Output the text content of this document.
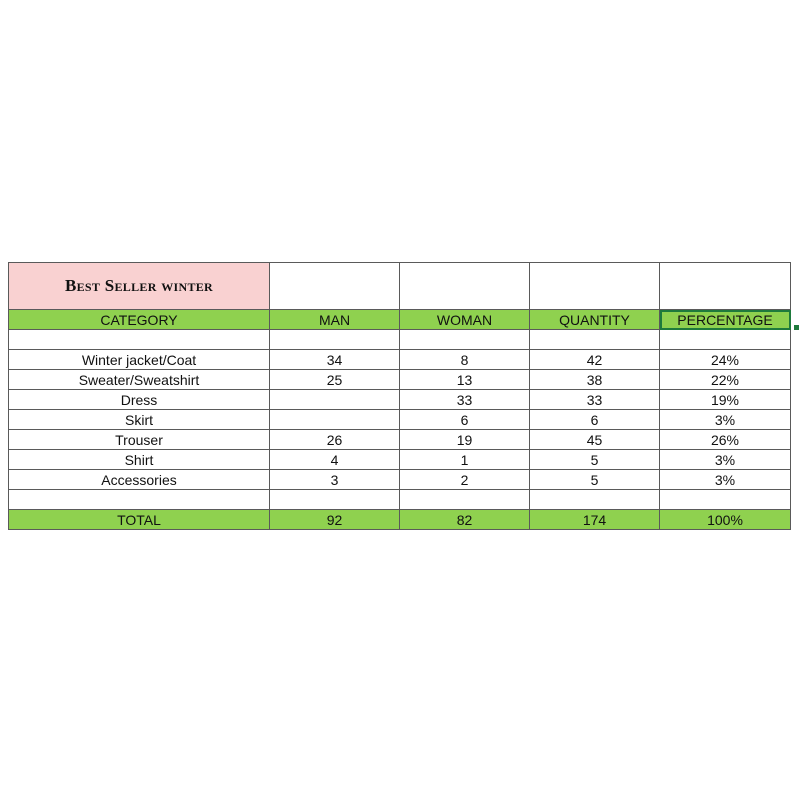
Best Seller winter				
CATEGORY	MAN	WOMAN	QUANTITY	PERCENTAGE

Winter jacket/Coat	34	8	42	24%
Sweater/Sweatshirt	25	13	38	22%
Dress		33	33	19%
Skirt		6	6	3%
Trouser	26	19	45	26%
Shirt	4	1	5	3%
Accessories	3	2	5	3%

TOTAL	92	82	174	100%
